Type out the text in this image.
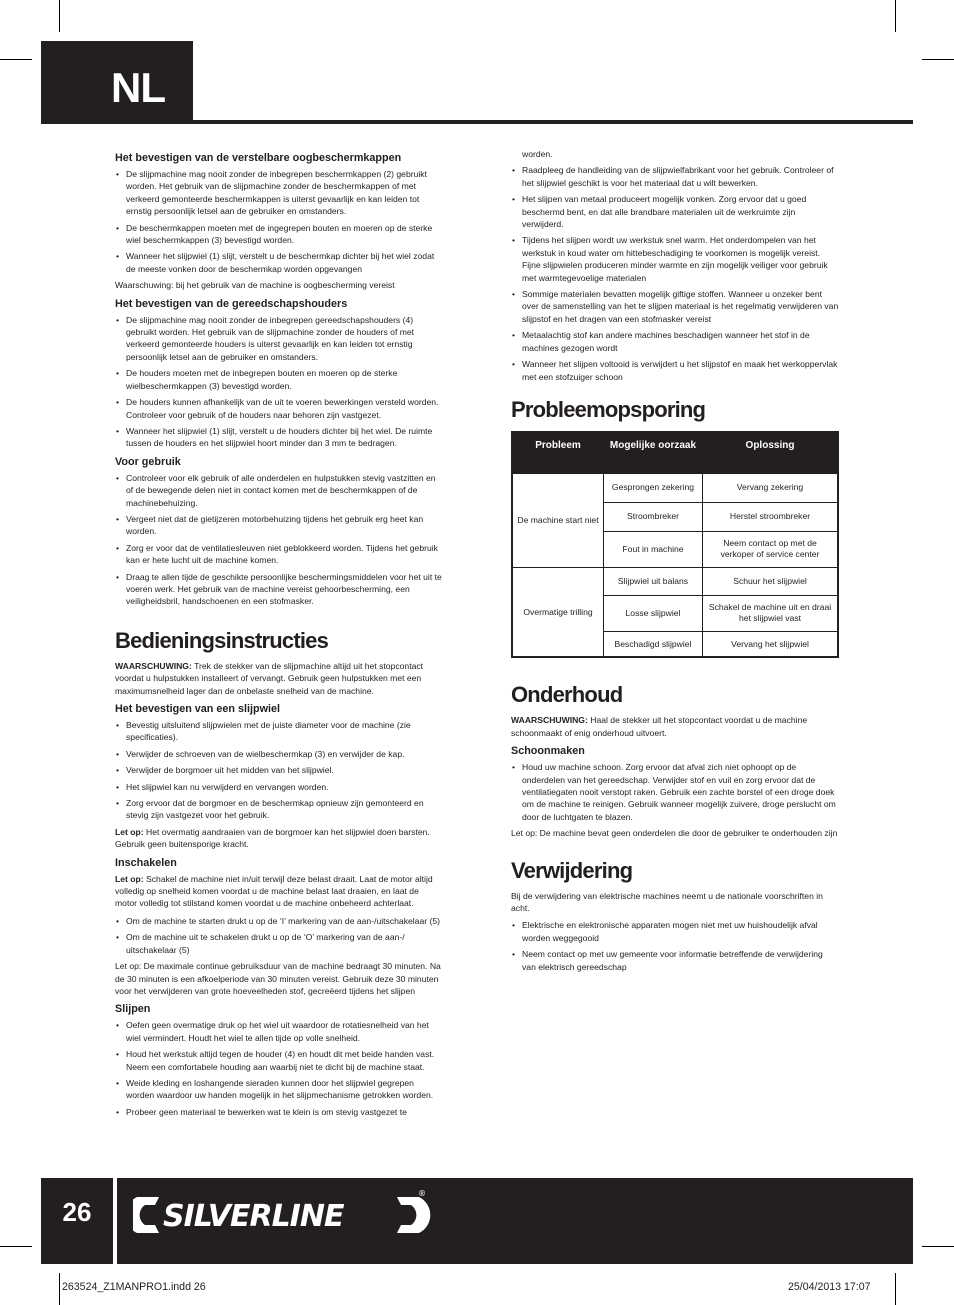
NL
Het bevestigen van de verstelbare oogbeschermkappen
• De slijpmachine mag nooit zonder de inbegrepen beschermkappen (2) gebruikt worden. Het gebruik van de slijpmachine zonder de beschermkappen of met verkeerd gemonteerde beschermkappen is uiterst gevaarlijk en kan leiden tot ernstig persoonlijk letsel aan de gebruiker en omstanders.
• De beschermkappen moeten met de ingegrepen bouten en moeren op de sterke wiel beschermkappen (3) bevestigd worden.
• Wanneer het slijpwiel (1) slijt, verstelt u de beschermkap dichter bij het wiel zodat de meeste vonken door de beschermkap worden opgevangen

Waarschuwing: bij het gebruik van de machine is oogbescherming vereist

Het bevestigen van de gereedschapshouders
• De slijpmachine mag nooit zonder de inbegrepen gereedschapshouders (4) gebruikt worden. Het gebruik van de slijpmachine zonder de houders of met verkeerd gemonteerde houders is uiterst gevaarlijk en kan leiden tot ernstig persoonlijk letsel aan de gebruiker en omstanders.
• De houders moeten met de inbegrepen bouten en moeren op de sterke wielbeschermkappen (3) bevestigd worden.
• De houders kunnen afhankelijk van de uit te voeren bewerkingen versteld worden. Controleer voor gebruik of de houders naar behoren zijn vastgezet.
• Wanneer het slijpwiel (1) slijt, verstelt u de houders dichter bij het wiel. De ruimte tussen de houders en het slijpwiel hoort minder dan 3 mm te bedragen.
Voor gebruik
• Controleer voor elk gebruik of alle onderdelen en hulpstukken stevig vastzitten en of de bewegende delen niet in contact komen met de beschermkappen of de machinebehuizing.
• Vergeet niet dat de gietijzeren motorbehuizing tijdens het gebruik erg heet kan worden.
• Zorg er voor dat de ventilatiesleuven niet geblokkeerd worden. Tijdens het gebruik kan er hete lucht uit de machine komen.
• Draag te allen tijde de geschikte persoonlijke beschermingsmiddelen voor het uit te voeren werk. Het gebruik van de machine vereist gehoorbescherming, een veiligheidsbril, handschoenen en een stofmasker.
Bedieningsinstructies

WAARSCHUWING: Trek de stekker van de slijpmachine altijd uit het stopcontact voordat u hulpstukken installeert of vervangt. Gebruik geen hulpstukken met een maximumsnelheid lager dan de onbelaste snelheid van de machine.

Het bevestigen van een slijpwiel
• Bevestig uitsluitend slijpwielen met de juiste diameter voor de machine (zie specificaties).
• Verwijder de schroeven van de wielbeschermkap (3) en verwijder de kap.
• Verwijder de borgmoer uit het midden van het slijpwiel.
• Het slijpwiel kan nu verwijderd en vervangen worden.
• Zorg ervoor dat de borgmoer en de beschermkap opnieuw zijn gemonteerd en stevig zijn vastgezet voor het gebruik.

Let op: Het overmatig aandraaien van de borgmoer kan het slijpwiel doen barsten. Gebruik geen buitensporige kracht.

Inschakelen

Let op: Schakel de machine niet in/uit terwijl deze belast draait. Laat de motor altijd volledig op snelheid komen voordat u de machine belast laat draaien, en laat de motor volledig tot stilstand komen voordat u de machine onbeheerd achterlaat.

• Om de machine te starten drukt u op de ‘I’ markering van de aan-/uitschakelaar (5)
• Om de machine uit te schakelen drukt u op de ‘O’ markering van de aan-/ uitschakelaar (5)

Let op: De maximale continue gebruiksduur van de machine bedraagt 30 minuten. Na de 30 minuten is een afkoelperiode van 30 minuten vereist. Gebruik deze 30 minuten voor het verwijderen van grote hoeveelheden stof, gecreëerd tijdens het slijpen

Slijpen
• Oefen geen overmatige druk op het wiel uit waardoor de rotatiesnelheid van het wiel vermindert. Houdt het wiel te allen tijde op volle snelheid.
• Houd het werkstuk altijd tegen de houder (4) en houdt dit met beide handen vast. Neem een comfortabele houding aan waarbij niet te dicht bij de machine staat.
• Weide kleding en loshangende sieraden kunnen door het slijpwiel gegrepen worden waardoor uw handen mogelijk in het slijpmechanisme getrokken worden.
• Probeer geen materiaal te bewerken wat te klein is om stevig vastgezet te

worden.

• Raadpleeg de handleiding van de slijpwielfabrikant voor het gebruik. Controleer of het slijpwiel geschikt is voor het materiaal dat u wilt bewerken.
• Het slijpen van metaal produceert mogelijk vonken. Zorg ervoor dat u goed beschermd bent, en dat alle brandbare materialen uit de werkruimte zijn verwijderd.
• Tijdens het slijpen wordt uw werkstuk snel warm. Het onderdompelen van het werkstuk in koud water om hittebeschadiging te voorkomen is mogelijk vereist. Fijne slijpwielen produceren minder warmte en zijn mogelijk veiliger voor gebruik met warmtegevoelige materialen
• Sommige materialen bevatten mogelijk giftige stoffen. Wanneer u onzeker bent over de samenstelling van het te slijpen materiaal is het regelmatig verwijderen van slijpstof en het dragen van een stofmasker vereist
• Metaalachtig stof kan andere machines beschadigen wanneer het stof in de machines gezogen wordt
• Wanneer het slijpen voltooid is verwijdert u het slijpstof en maak het werkoppervlak met een stofzuiger schoon
Probleemopsporing
Probleem	Mogelijke oorzaak	Oplossing
De machine start niet	Gesprongen zekering	Vervang zekering
	Stroombreker	Herstel stroombreker
	Fout in machine	Neem contact op met de verkoper of service center
Overmatige trilling	Slijpwiel uit balans	Schuur het slijpwiel
	Losse slijpwiel	Schakel de machine uit en draai het slijpwiel vast
	Beschadigd slijpwiel	Vervang het slijpwiel
Onderhoud

WAARSCHUWING: Haal de stekker uit het stopcontact voordat u de machine schoonmaakt of enig onderhoud uitvoert.

Schoonmaken
• Houd uw machine schoon. Zorg ervoor dat afval zich niet ophoopt op de onderdelen van het gereedschap. Verwijder stof en vuil en zorg ervoor dat de ventilatiegaten nooit verstopt raken. Gebruik een zachte borstel of een droge doek om de machine te reinigen. Gebruik wanneer mogelijk zuivere, droge perslucht om door de luchtgaten te blazen.

Let op: De machine bevat geen onderdelen die door de gebruiker te onderhouden zijn

Verwijdering

Bij de verwijdering van elektrische machines neemt u de nationale voorschriften in acht.

• Elektrische en elektronische apparaten mogen niet met uw huishoudelijk afval worden weggegooid
• Neem contact op met uw gemeente voor informatie betreffende de verwijdering van elektrisch gereedschap
26	SILVERLINE
®
263524_Z1MANPRO1.indd 26	25/04/2013 17:07
